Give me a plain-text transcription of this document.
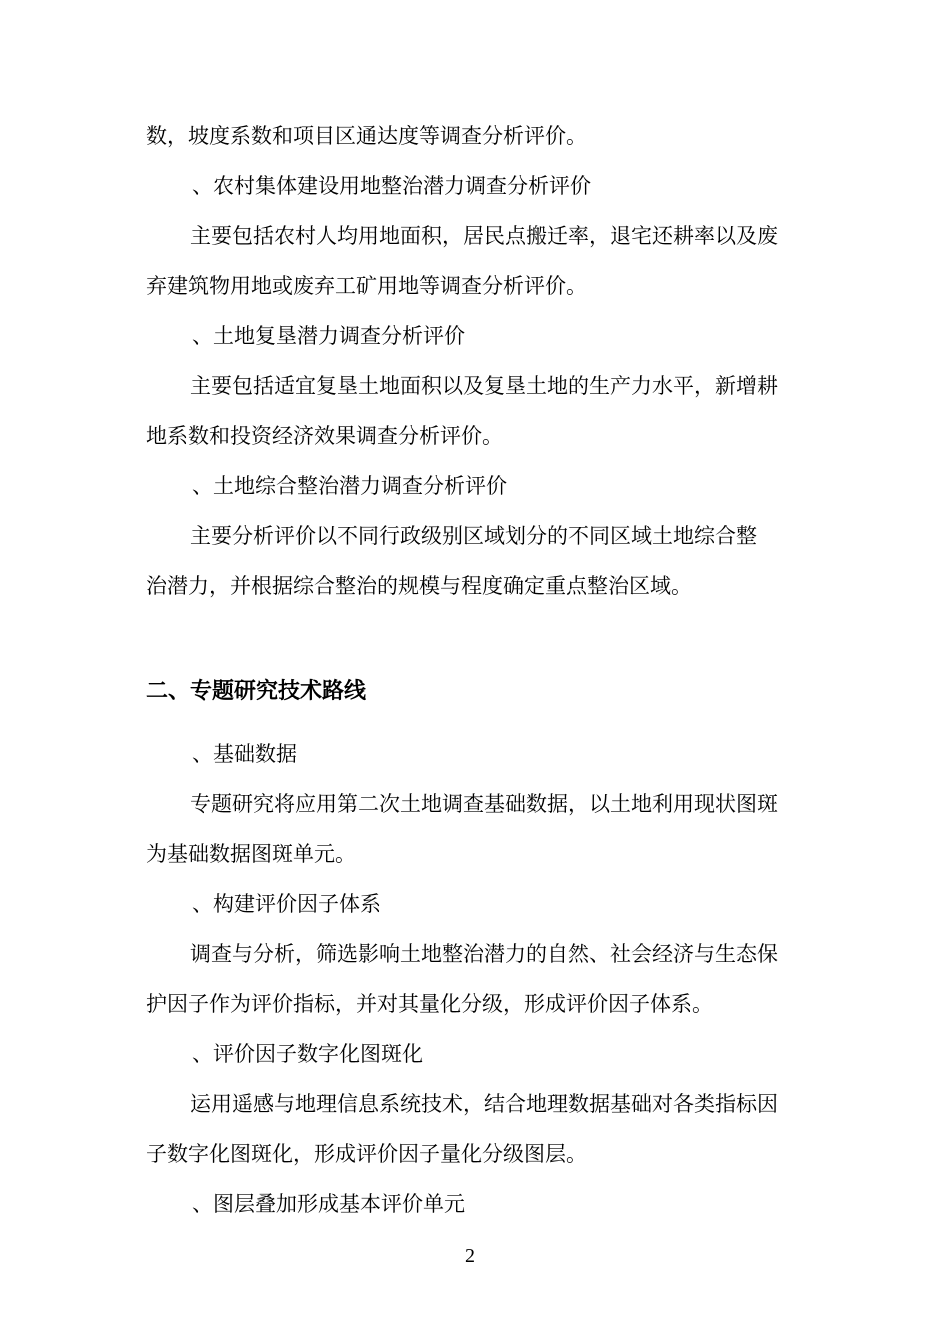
数，坡度系数和项目区通达度等调查分析评价。
、农村集体建设用地整治潜力调查分析评价
主要包括农村人均用地面积，居民点搬迁率，退宅还耕率以及废
弃建筑物用地或废弃工矿用地等调查分析评价。
、土地复垦潜力调查分析评价
主要包括适宜复垦土地面积以及复垦土地的生产力水平，新增耕
地系数和投资经济效果调查分析评价。
、土地综合整治潜力调查分析评价
主要分析评价以不同行政级别区域划分的不同区域土地综合整
治潜力，并根据综合整治的规模与程度确定重点整治区域。
二、专题研究技术路线
、基础数据
专题研究将应用第二次土地调查基础数据，以土地利用现状图斑
为基础数据图斑单元。
、构建评价因子体系
调查与分析，筛选影响土地整治潜力的自然、社会经济与生态保
护因子作为评价指标，并对其量化分级，形成评价因子体系。
、评价因子数字化图斑化
运用遥感与地理信息系统技术，结合地理数据基础对各类指标因
子数字化图斑化，形成评价因子量化分级图层。
、图层叠加形成基本评价单元
2
